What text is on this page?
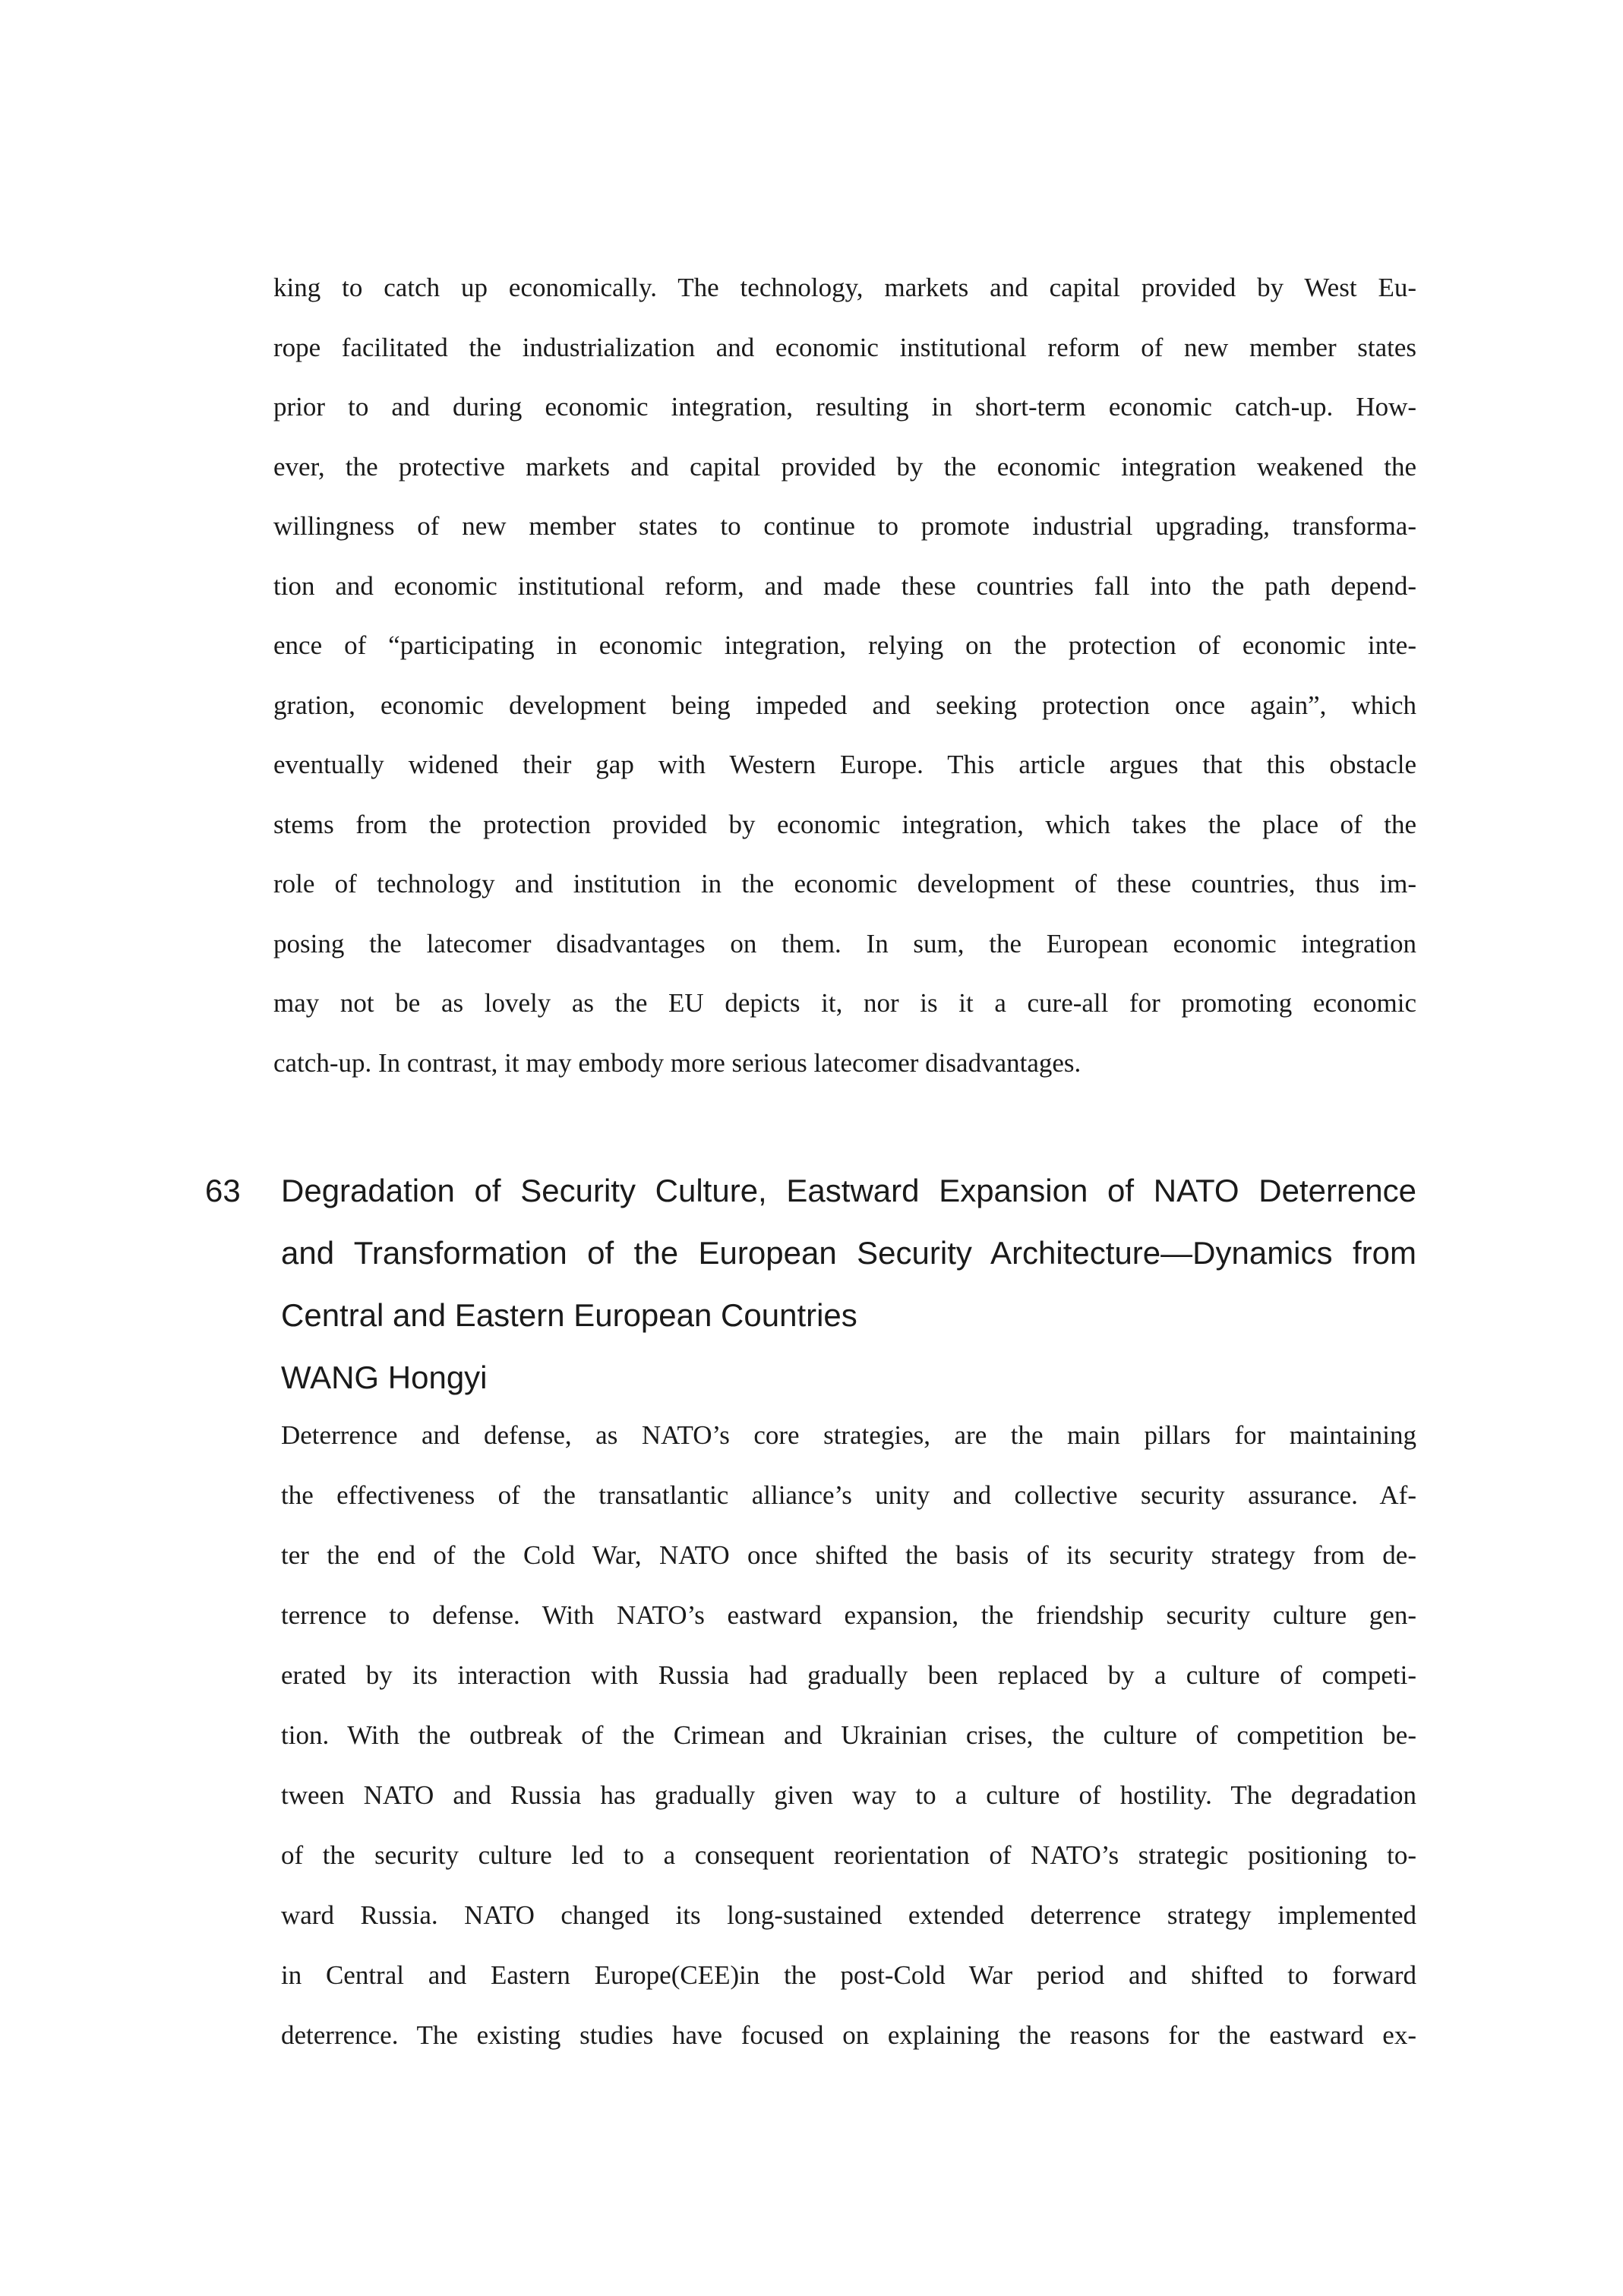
king to catch up economically. The technology, markets and capital provided by West Eu-
rope facilitated the industrialization and economic institutional reform of new member states
prior to and during economic integration, resulting in short-term economic catch-up. How-
ever, the protective markets and capital provided by the economic integration weakened the
willingness of new member states to continue to promote industrial upgrading, transforma-
tion and economic institutional reform, and made these countries fall into the path depend-
ence of “participating in economic integration, relying on the protection of economic inte-
gration, economic development being impeded and seeking protection once again”, which
eventually widened their gap with Western Europe. This article argues that this obstacle
stems from the protection provided by economic integration, which takes the place of the
role of technology and institution in the economic development of these countries, thus im-
posing the latecomer disadvantages on them. In sum, the European economic integration
may not be as lovely as the EU depicts it, nor is it a cure-all for promoting economic
catch-up. In contrast, it may embody more serious latecomer disadvantages.
63 Degradation of Security Culture, Eastward Expansion of NATO Deterrence
and Transformation of the European Security Architecture—Dynamics from
Central and Eastern European Countries
WANG Hongyi
Deterrence and defense, as NATO’s core strategies, are the main pillars for maintaining
the effectiveness of the transatlantic alliance’s unity and collective security assurance. Af-
ter the end of the Cold War, NATO once shifted the basis of its security strategy from de-
terrence to defense. With NATO’s eastward expansion, the friendship security culture gen-
erated by its interaction with Russia had gradually been replaced by a culture of competi-
tion. With the outbreak of the Crimean and Ukrainian crises, the culture of competition be-
tween NATO and Russia has gradually given way to a culture of hostility. The degradation
of the security culture led to a consequent reorientation of NATO’s strategic positioning to-
ward Russia. NATO changed its long-sustained extended deterrence strategy implemented
in Central and Eastern Europe(CEE)in the post-Cold War period and shifted to forward
deterrence. The existing studies have focused on explaining the reasons for the eastward ex-
